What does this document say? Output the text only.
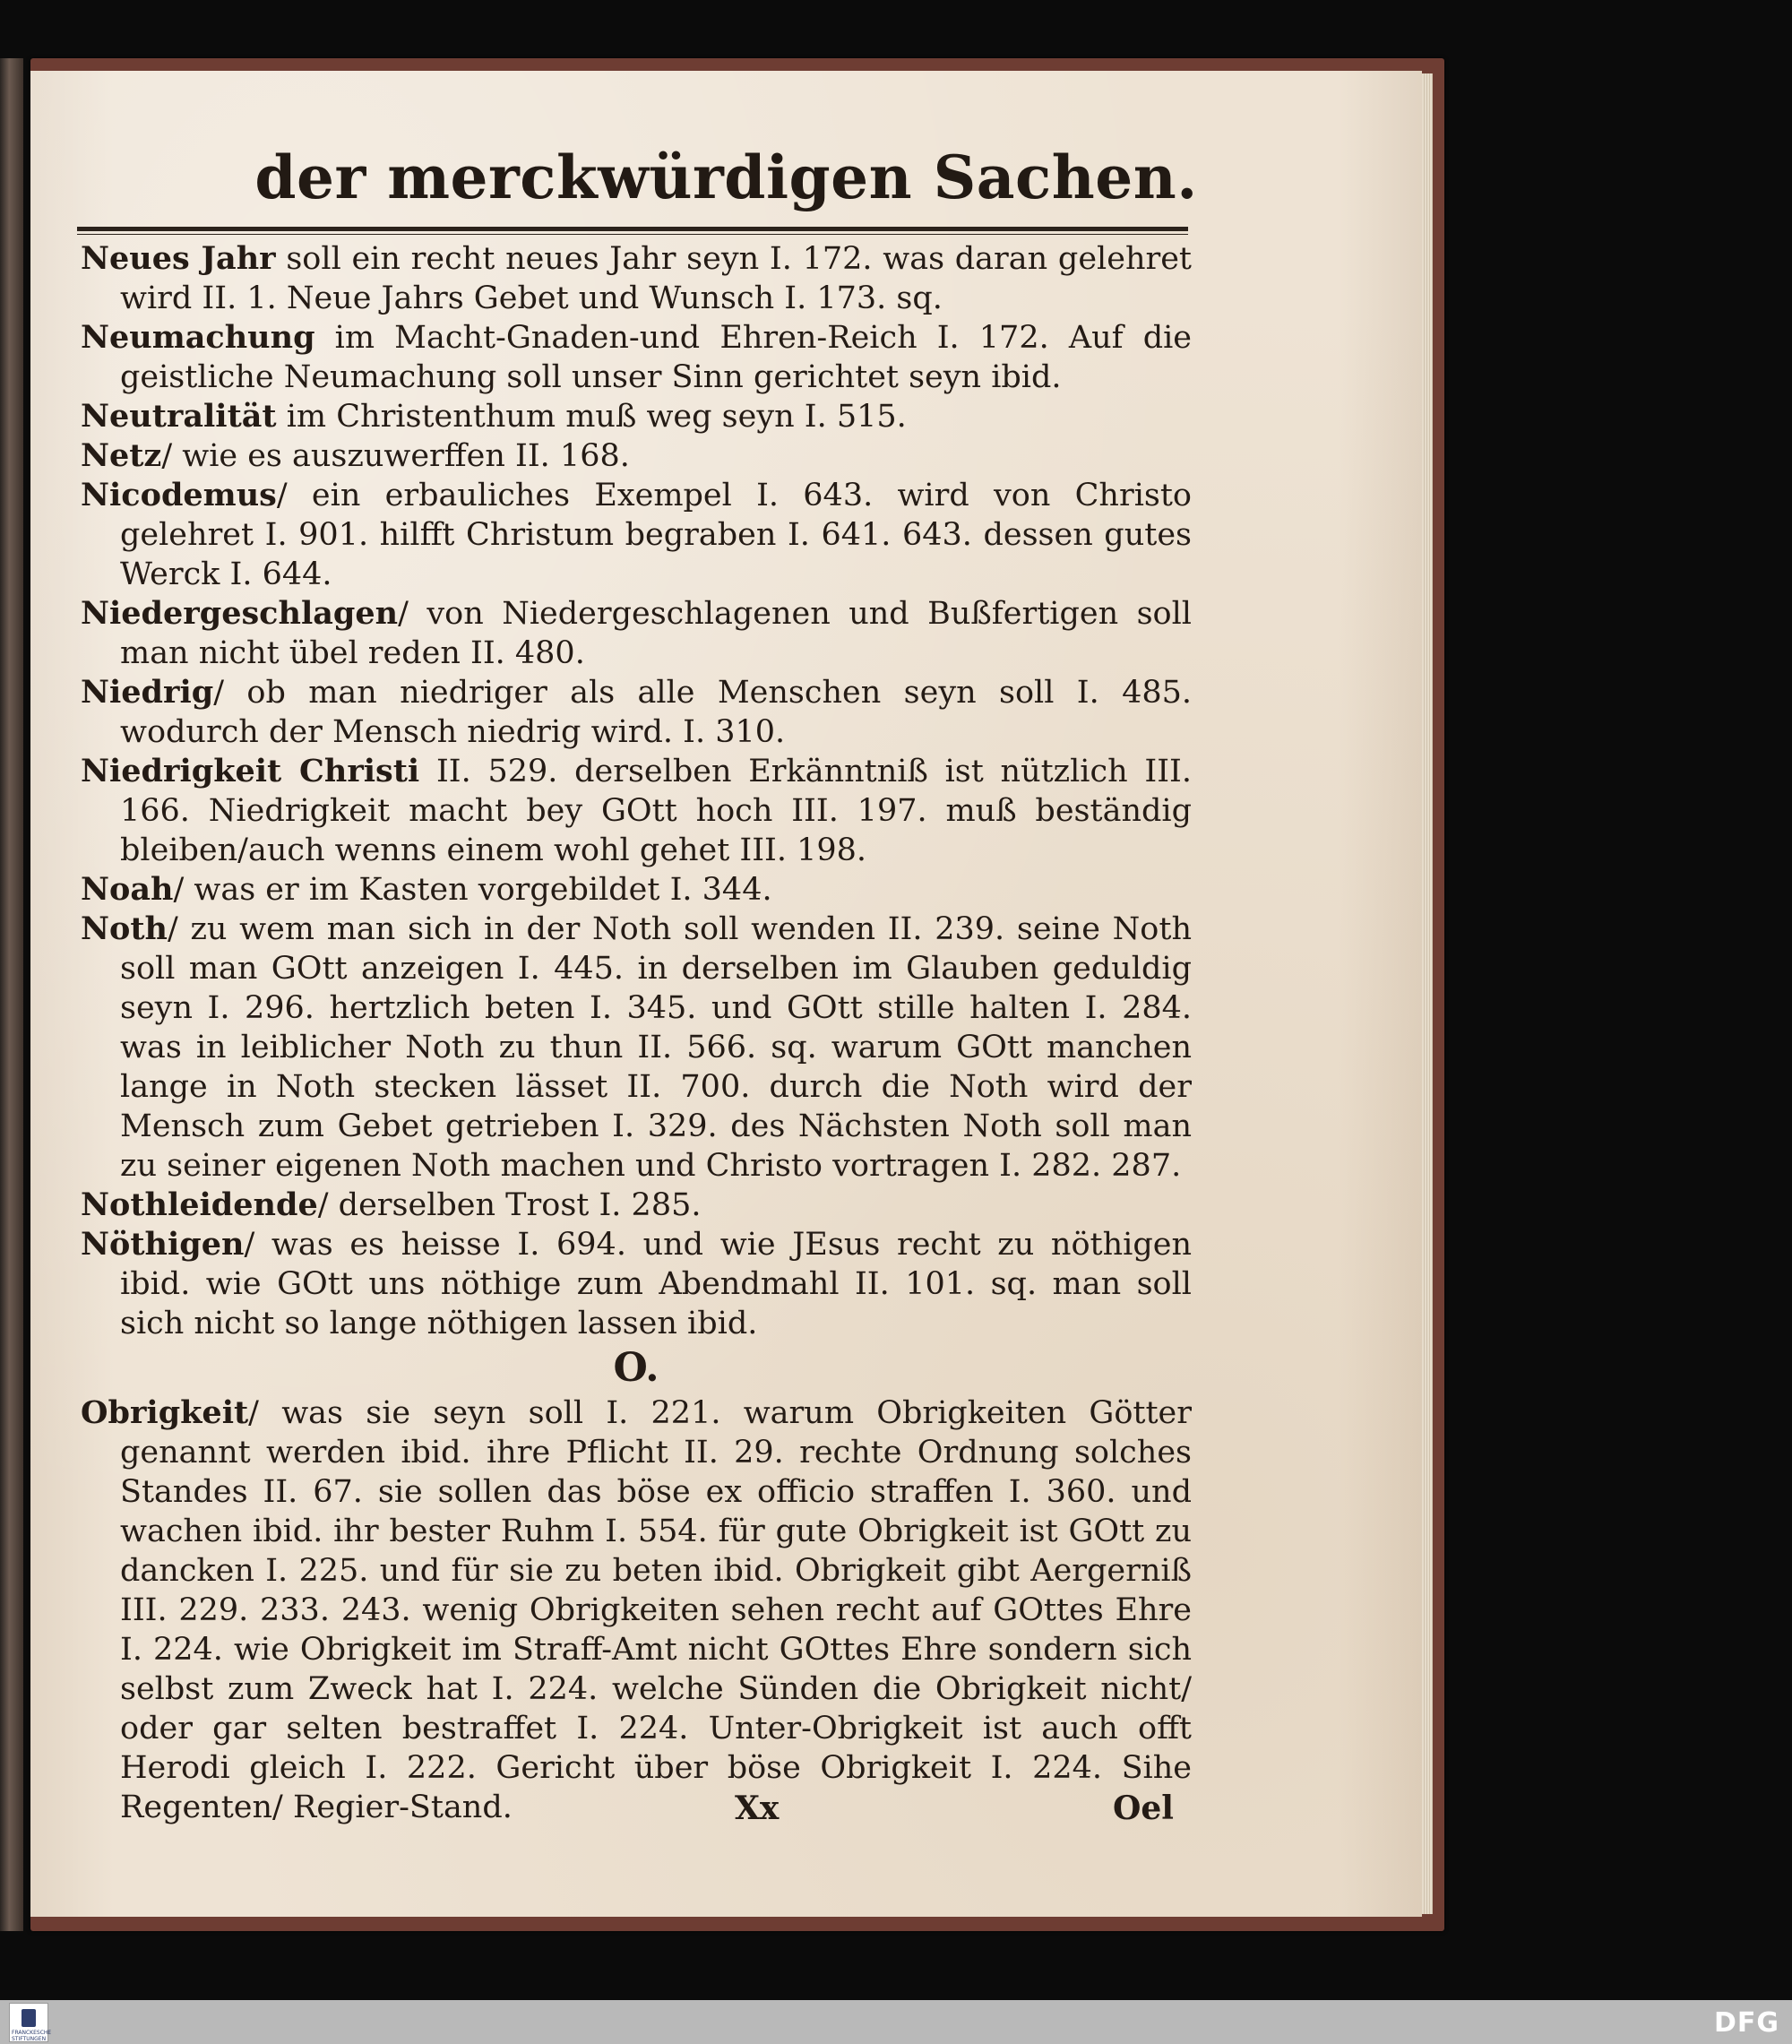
der merckwürdigen Sachen.

Neues Jahr soll ein recht neues Jahr seyn I. 172. was daran gelehret wird II. 1. Neue Jahrs Gebet und Wunsch I. 173. sq.

Neumachung im Macht-Gnaden-und Ehren-Reich I. 172. Auf die geistliche Neumachung soll unser Sinn gerichtet seyn ibid.

Neutralität im Christenthum muß weg seyn I. 515.

Netz/ wie es auszuwerffen II. 168.

Nicodemus/ ein erbauliches Exempel I. 643. wird von Christo gelehret I. 901. hilfft Christum begraben I. 641. 643. dessen gutes Werck I. 644.

Niedergeschlagen/ von Niedergeschlagenen und Bußfertigen soll man nicht übel reden II. 480.

Niedrig/ ob man niedriger als alle Menschen seyn soll I. 485. wodurch der Mensch niedrig wird. I. 310.

Niedrigkeit Christi II. 529. derselben Erkänntniß ist nützlich III. 166. Niedrigkeit macht bey GOtt hoch III. 197. muß beständig bleiben/auch wenns einem wohl gehet III. 198.

Noah/ was er im Kasten vorgebildet I. 344.

Noth/ zu wem man sich in der Noth soll wenden II. 239. seine Noth soll man GOtt anzeigen I. 445. in derselben im Glauben geduldig seyn I. 296. hertzlich beten I. 345. und GOtt stille halten I. 284. was in leiblicher Noth zu thun II. 566. sq. warum GOtt manchen lange in Noth stecken lässet II. 700. durch die Noth wird der Mensch zum Gebet getrieben I. 329. des Nächsten Noth soll man zu seiner eigenen Noth machen und Christo vortragen I. 282. 287.

Nothleidende/ derselben Trost I. 285.

Nöthigen/ was es heisse I. 694. und wie JEsus recht zu nöthigen ibid. wie GOtt uns nöthige zum Abendmahl II. 101. sq. man soll sich nicht so lange nöthigen lassen ibid.

O.

Obrigkeit/ was sie seyn soll I. 221. warum Obrigkeiten Götter genannt werden ibid. ihre Pflicht II. 29. rechte Ordnung solches Standes II. 67. sie sollen das böse ex officio straffen I. 360. und wachen ibid. ihr bester Ruhm I. 554. für gute Obrigkeit ist GOtt zu dancken I. 225. und für sie zu beten ibid. Obrigkeit gibt Aergerniß III. 229. 233. 243. wenig Obrigkeiten sehen recht auf GOttes Ehre I. 224. wie Obrigkeit im Straff-Amt nicht GOttes Ehre sondern sich selbst zum Zweck hat I. 224. welche Sünden die Obrigkeit nicht/ oder gar selten bestraffet I. 224. Unter-Obrigkeit ist auch offt Herodi gleich I. 222. Gericht über böse Obrigkeit I. 224. Sihe Regenten/ Regier-Stand.	Xx	Oel
FRANCKESCHE STIFTUNGEN
DFG
